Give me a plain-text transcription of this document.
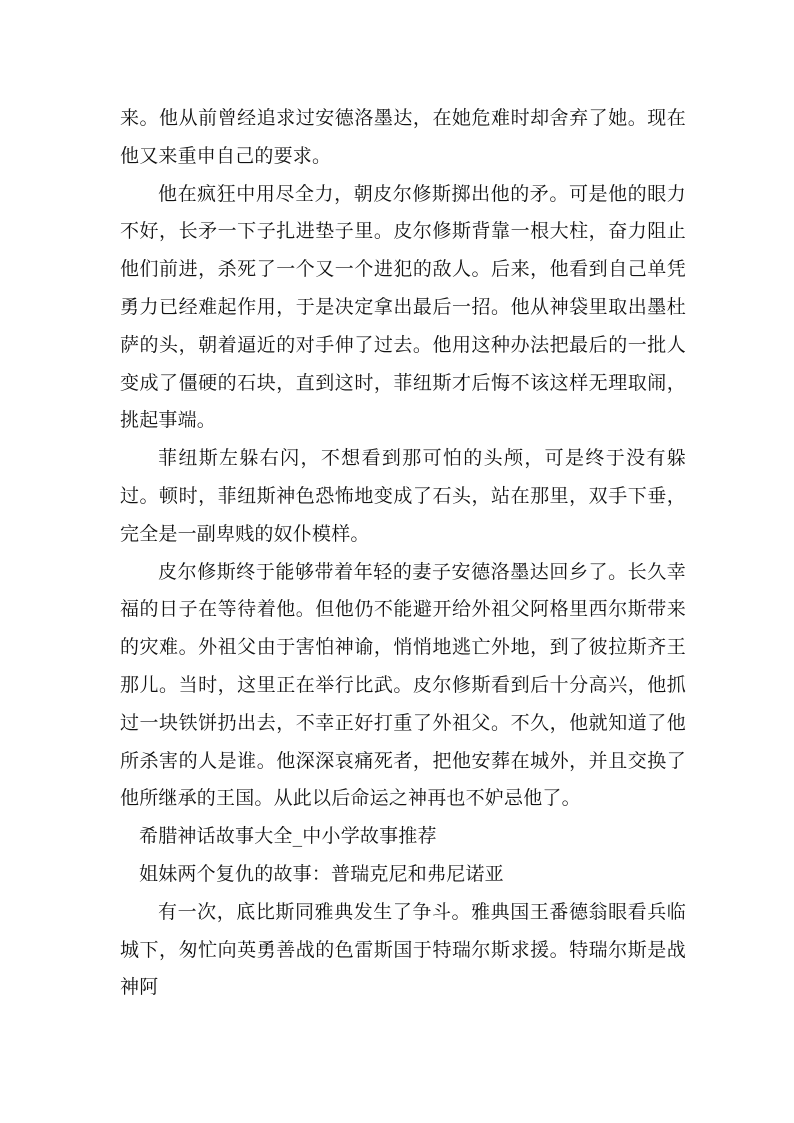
来。他从前曾经追求过安德洛墨达，在她危难时却舍弃了她。现在他又来重申自己的要求。

他在疯狂中用尽全力，朝皮尔修斯掷出他的矛。可是他的眼力不好，长矛一下子扎进垫子里。皮尔修斯背靠一根大柱，奋力阻止他们前进，杀死了一个又一个进犯的敌人。后来，他看到自己单凭勇力已经难起作用，于是决定拿出最后一招。他从神袋里取出墨杜萨的头，朝着逼近的对手伸了过去。他用这种办法把最后的一批人变成了僵硬的石块，直到这时，菲纽斯才后悔不该这样无理取闹，挑起事端。

菲纽斯左躲右闪，不想看到那可怕的头颅，可是终于没有躲过。顿时，菲纽斯神色恐怖地变成了石头，站在那里，双手下垂，完全是一副卑贱的奴仆模样。

皮尔修斯终于能够带着年轻的妻子安德洛墨达回乡了。长久幸福的日子在等待着他。但他仍不能避开给外祖父阿格里西尔斯带来的灾难。外祖父由于害怕神谕，悄悄地逃亡外地，到了彼拉斯齐王那儿。当时，这里正在举行比武。皮尔修斯看到后十分高兴，他抓过一块铁饼扔出去，不幸正好打重了外祖父。不久，他就知道了他所杀害的人是谁。他深深哀痛死者，把他安葬在城外，并且交换了他所继承的王国。从此以后命运之神再也不妒忌他了。

希腊神话故事大全_中小学故事推荐

姐妹两个复仇的故事：普瑞克尼和弗尼诺亚

有一次，底比斯同雅典发生了争斗。雅典国王番德翁眼看兵临城下，匆忙向英勇善战的色雷斯国于特瑞尔斯求援。特瑞尔斯是战神阿
